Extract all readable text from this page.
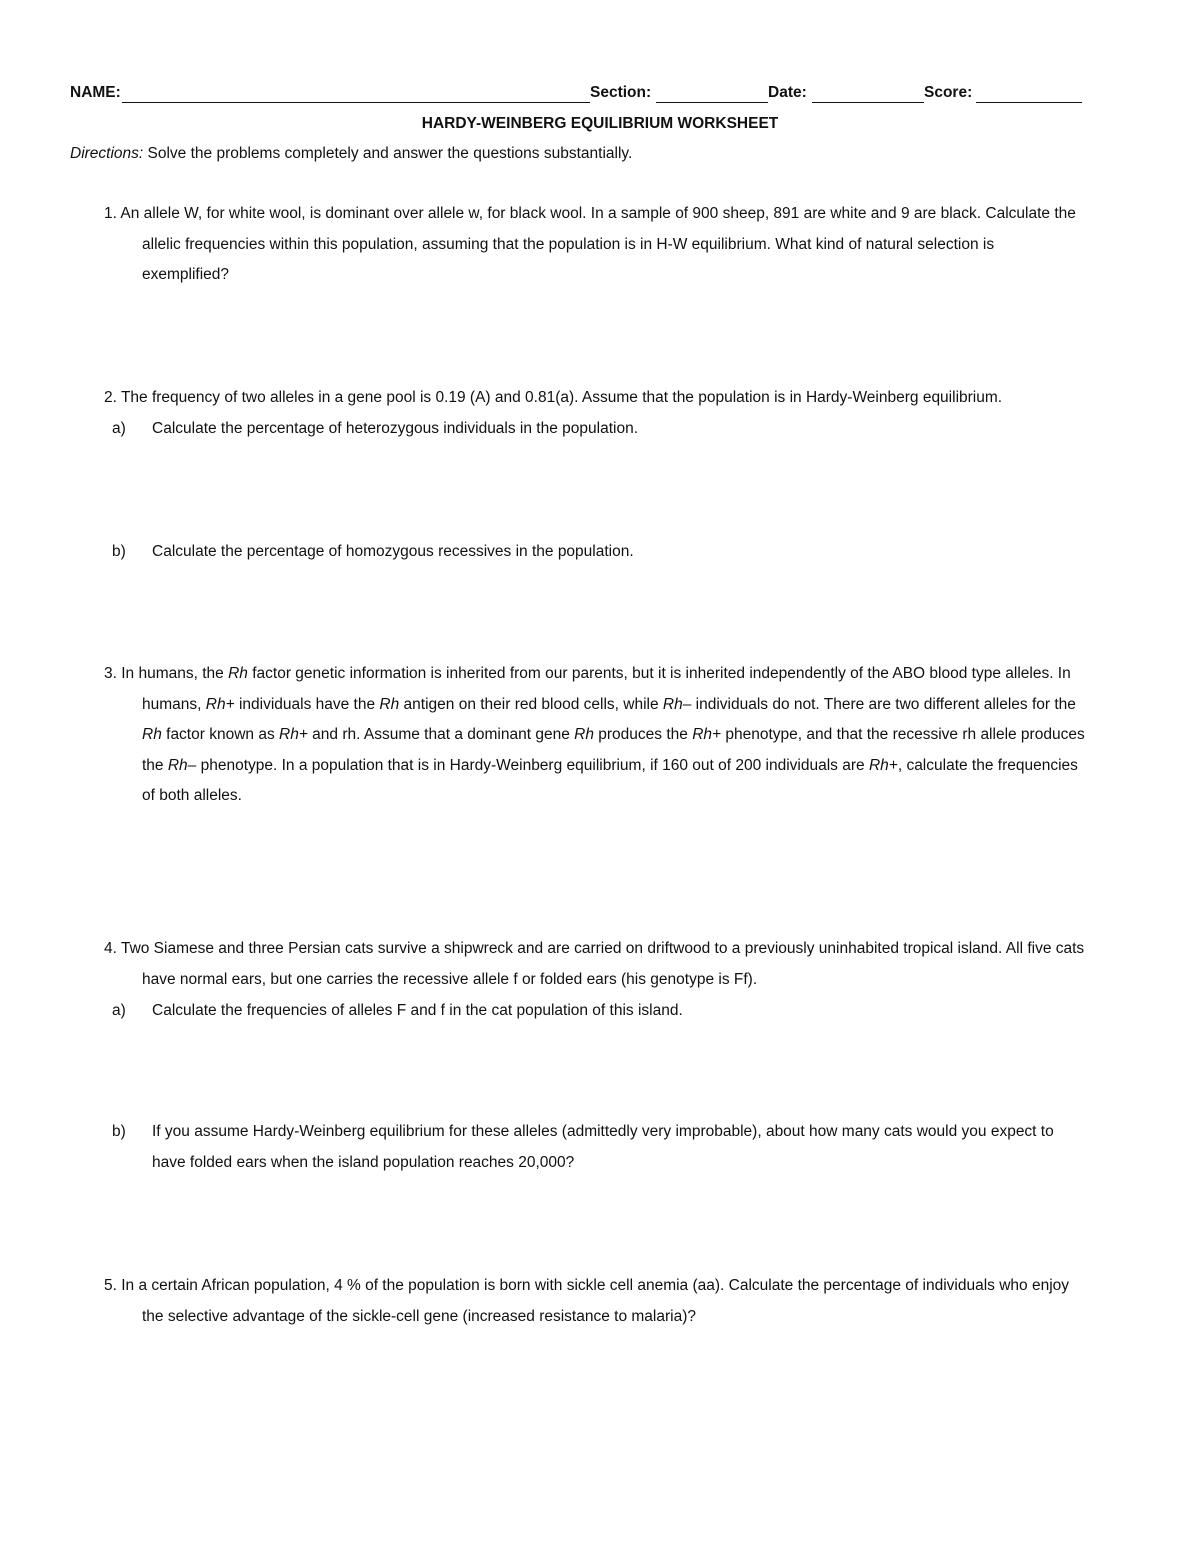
NAME:	Section:	Date:	Score:
HARDY-WEINBERG EQUILIBRIUM WORKSHEET
Directions: Solve the problems completely and answer the questions substantially.
1. An allele W, for white wool, is dominant over allele w, for black wool. In a sample of 900 sheep, 891 are white and 9 are black. Calculate the
allelic frequencies within this population, assuming that the population is in H-W equilibrium. What kind of natural selection is
exemplified?
2. The frequency of two alleles in a gene pool is 0.19 (A) and 0.81(a). Assume that the population is in Hardy-Weinberg equilibrium.
a) Calculate the percentage of heterozygous individuals in the population.
b) Calculate the percentage of homozygous recessives in the population.
3. In humans, the Rh factor genetic information is inherited from our parents, but it is inherited independently of the ABO blood type alleles. In
humans, Rh+ individuals have the Rh antigen on their red blood cells, while Rh– individuals do not. There are two different alleles for the
Rh factor known as Rh+ and rh. Assume that a dominant gene Rh produces the Rh+ phenotype, and that the recessive rh allele produces
the Rh– phenotype. In a population that is in Hardy-Weinberg equilibrium, if 160 out of 200 individuals are Rh+, calculate the frequencies
of both alleles.
4. Two Siamese and three Persian cats survive a shipwreck and are carried on driftwood to a previously uninhabited tropical island. All five cats
have normal ears, but one carries the recessive allele f or folded ears (his genotype is Ff).
a) Calculate the frequencies of alleles F and f in the cat population of this island.
b) If you assume Hardy-Weinberg equilibrium for these alleles (admittedly very improbable), about how many cats would you expect to
have folded ears when the island population reaches 20,000?
5. In a certain African population, 4 % of the population is born with sickle cell anemia (aa). Calculate the percentage of individuals who enjoy
the selective advantage of the sickle-cell gene (increased resistance to malaria)?
